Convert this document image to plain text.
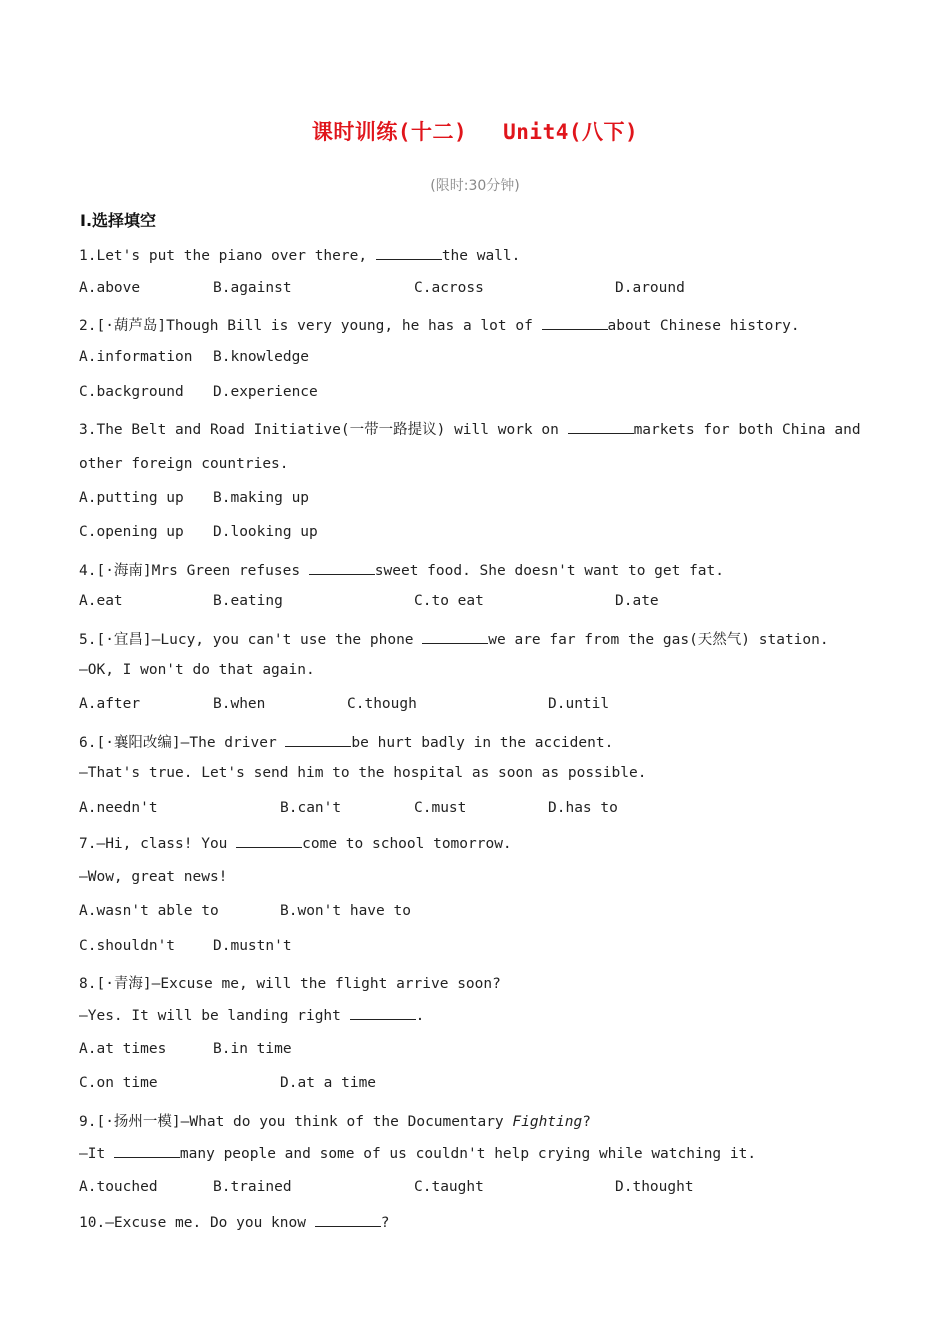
课时训练(十二) Unit4(八下)
(限时:30分钟)
Ⅰ.选择填空
1.Let's put the piano over there,	the wall.
A.above	B.against	C.across	D.around
2.[·葫芦岛]Though Bill is very young, he has a lot of	about Chinese history.
A.information B.knowledge
C.background D.experience
3.The Belt and Road Initiative(一带一路提议) will work on	markets for both China and
other foreign countries.
A.putting up B.making up
C.opening up D.looking up
4.[·海南]Mrs Green refuses	sweet food. She doesn't want to get fat.
A.eat	B.eating	C.to eat	D.ate
5.[·宜昌]—Lucy, you can't use the phone	we are far from the gas(天然气) station.
—OK, I won't do that again.
A.after	B.when	C.though	D.until
6.[·襄阳改编]—The driver	be hurt badly in the accident.
—That's true. Let's send him to the hospital as soon as possible.
A.needn't	B.can't	C.must	D.has to
7.—Hi, class! You	come to school tomorrow.
—Wow, great news!
A.wasn't able to	B.won't have to
C.shouldn't	D.mustn't
8.[·青海]—Excuse me, will the flight arrive soon?
—Yes. It will be landing right	.
A.at times	B.in time
C.on time	D.at a time
9.[·扬州一模]—What do you think of the Documentary Fighting?
—It	many people and some of us couldn't help crying while watching it.
A.touched	B.trained	C.taught	D.thought
10.—Excuse me. Do you know	?
